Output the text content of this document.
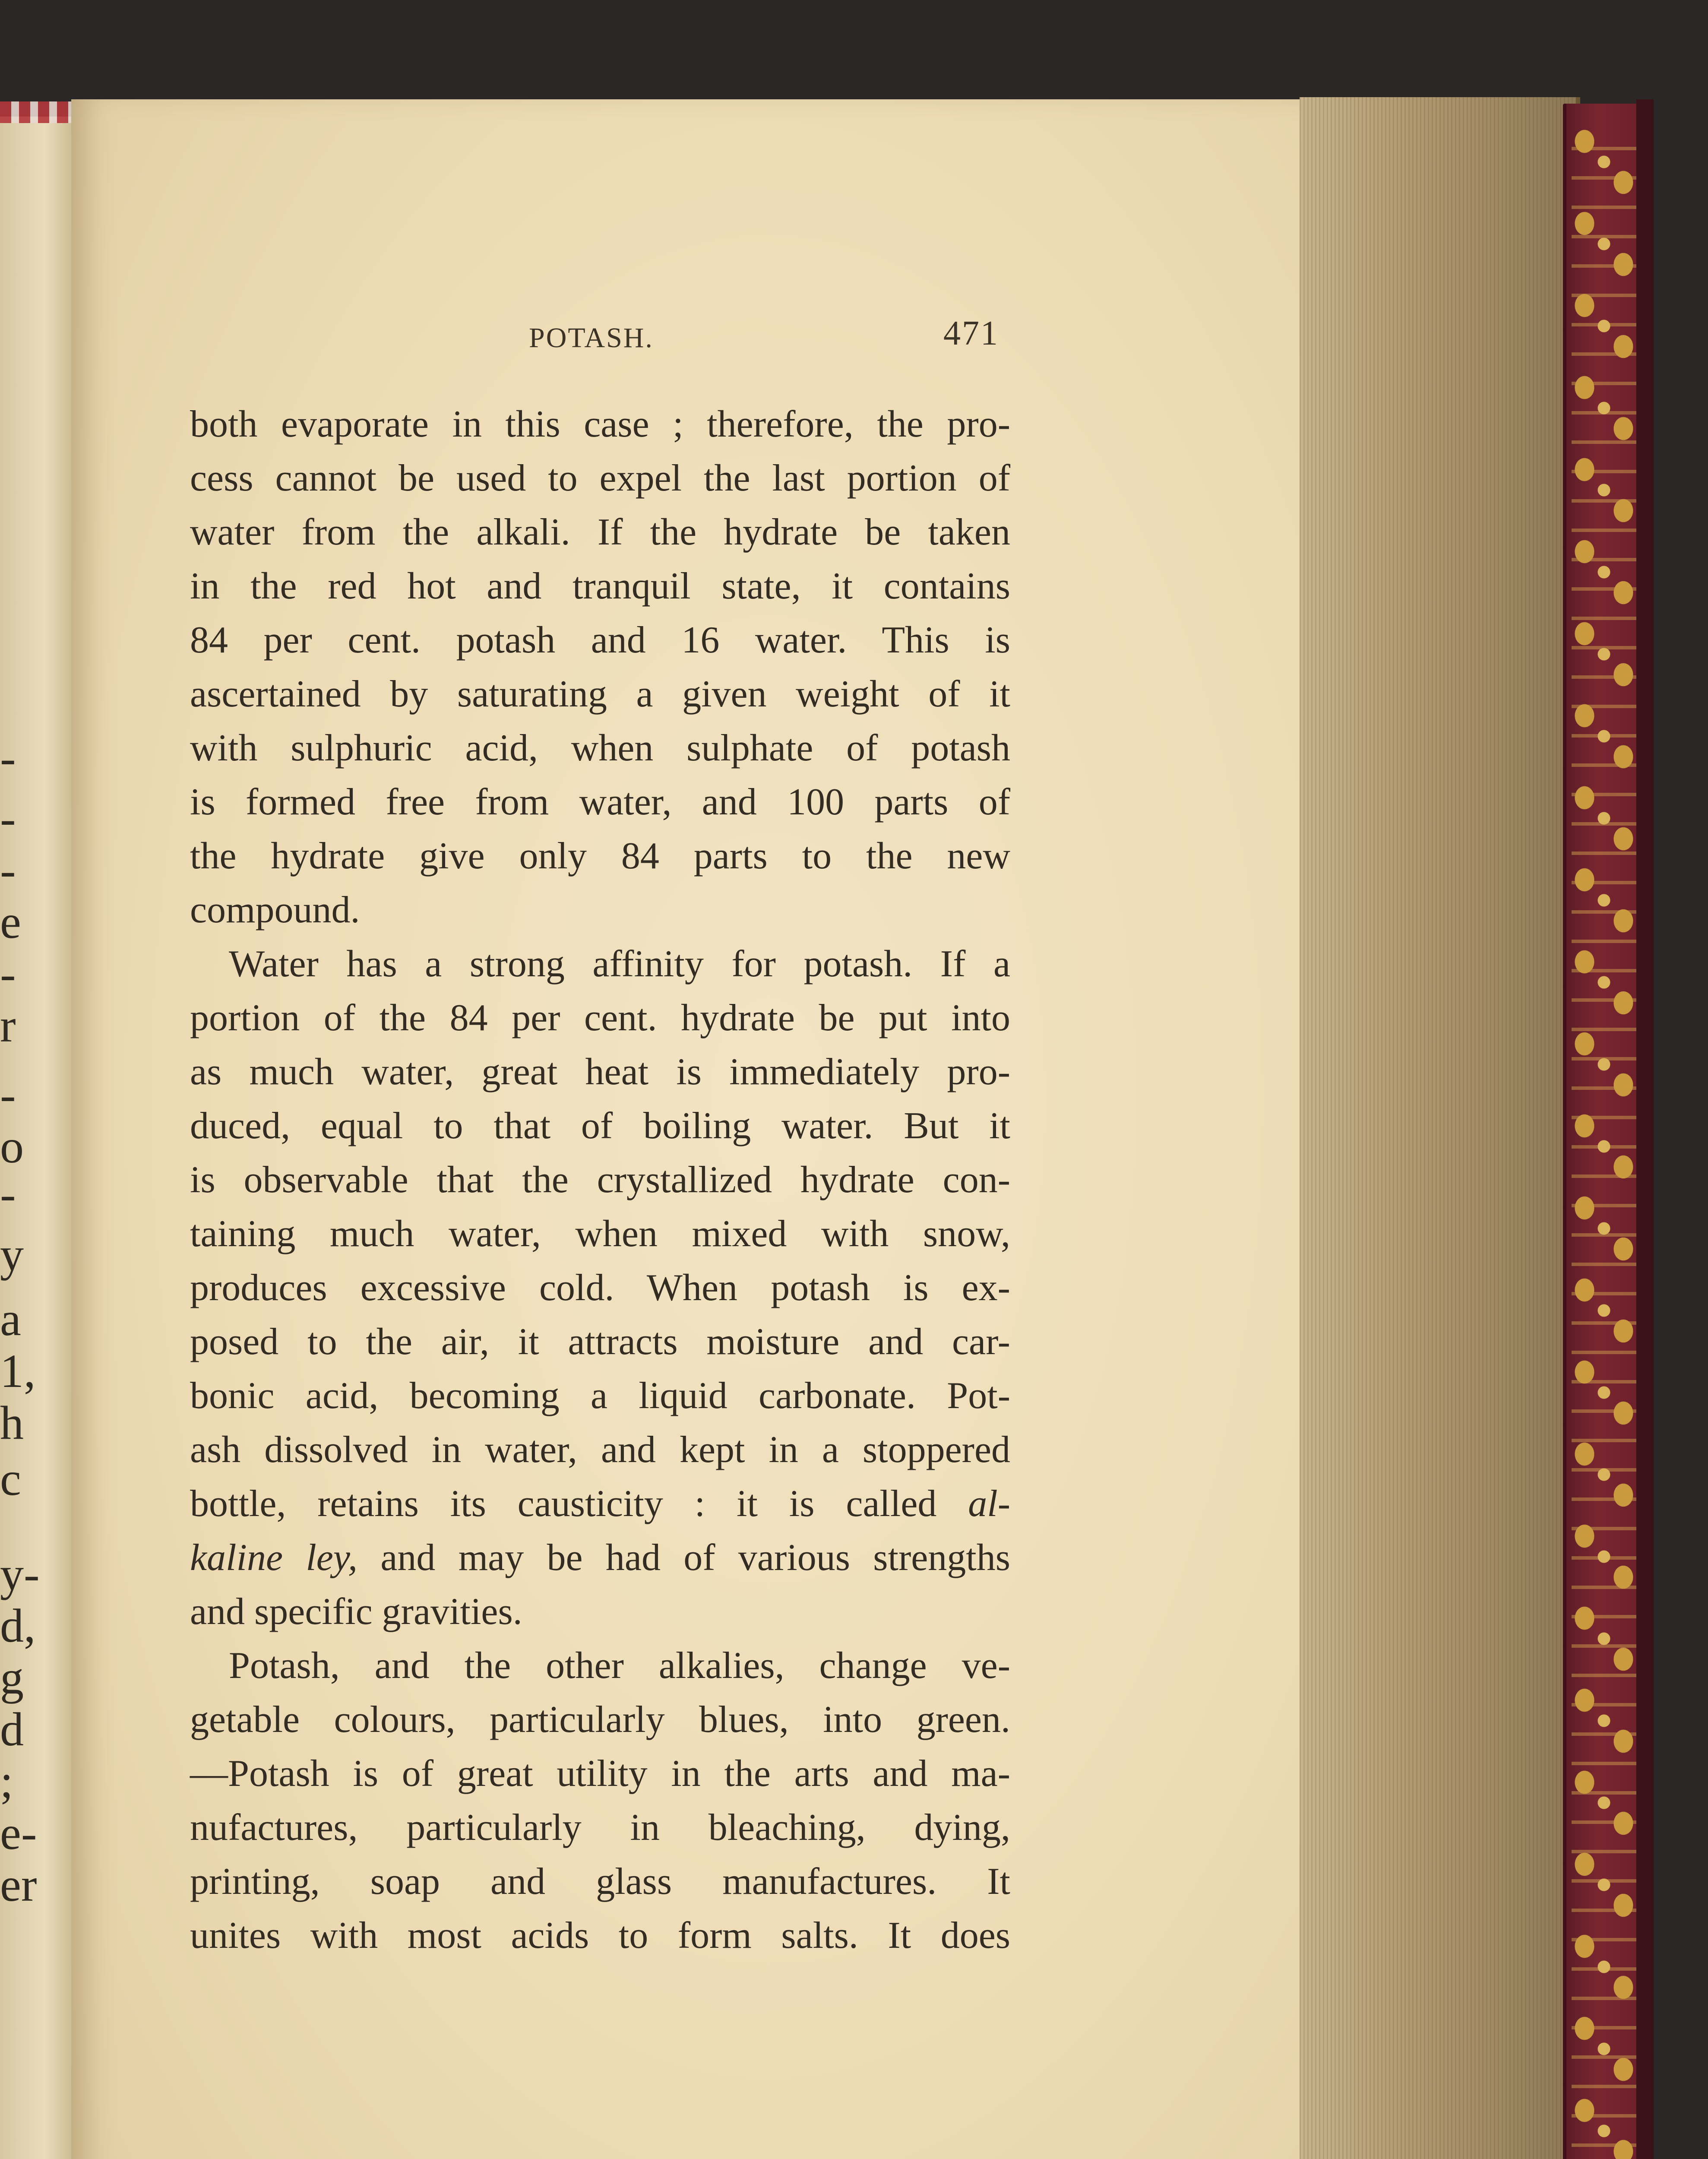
-
-
-
e
-
r
-
o
-
y
a
1,
h
c
y-
d,
g
d
;
e-
er
POTASH.	471
both evaporate in this case ; therefore, the pro-
cess cannot be used to expel the last portion of
water from the alkali. If the hydrate be taken
in the red hot and tranquil state, it contains
84 per cent. potash and 16 water. This is
ascertained by saturating a given weight of it
with sulphuric acid, when sulphate of potash
is formed free from water, and 100 parts of
the hydrate give only 84 parts to the new
compound.
Water has a strong affinity for potash. If a
portion of the 84 per cent. hydrate be put into
as much water, great heat is immediately pro-
duced, equal to that of boiling water. But it
is observable that the crystallized hydrate con-
taining much water, when mixed with snow,
produces excessive cold. When potash is ex-
posed to the air, it attracts moisture and car-
bonic acid, becoming a liquid carbonate. Pot-
ash dissolved in water, and kept in a stoppered
bottle, retains its causticity : it is called al-
kaline ley, and may be had of various strengths
and specific gravities.
Potash, and the other alkalies, change ve-
getable colours, particularly blues, into green.
—Potash is of great utility in the arts and ma-
nufactures, particularly in bleaching, dying,
printing, soap and glass manufactures. It
unites with most acids to form salts. It does
